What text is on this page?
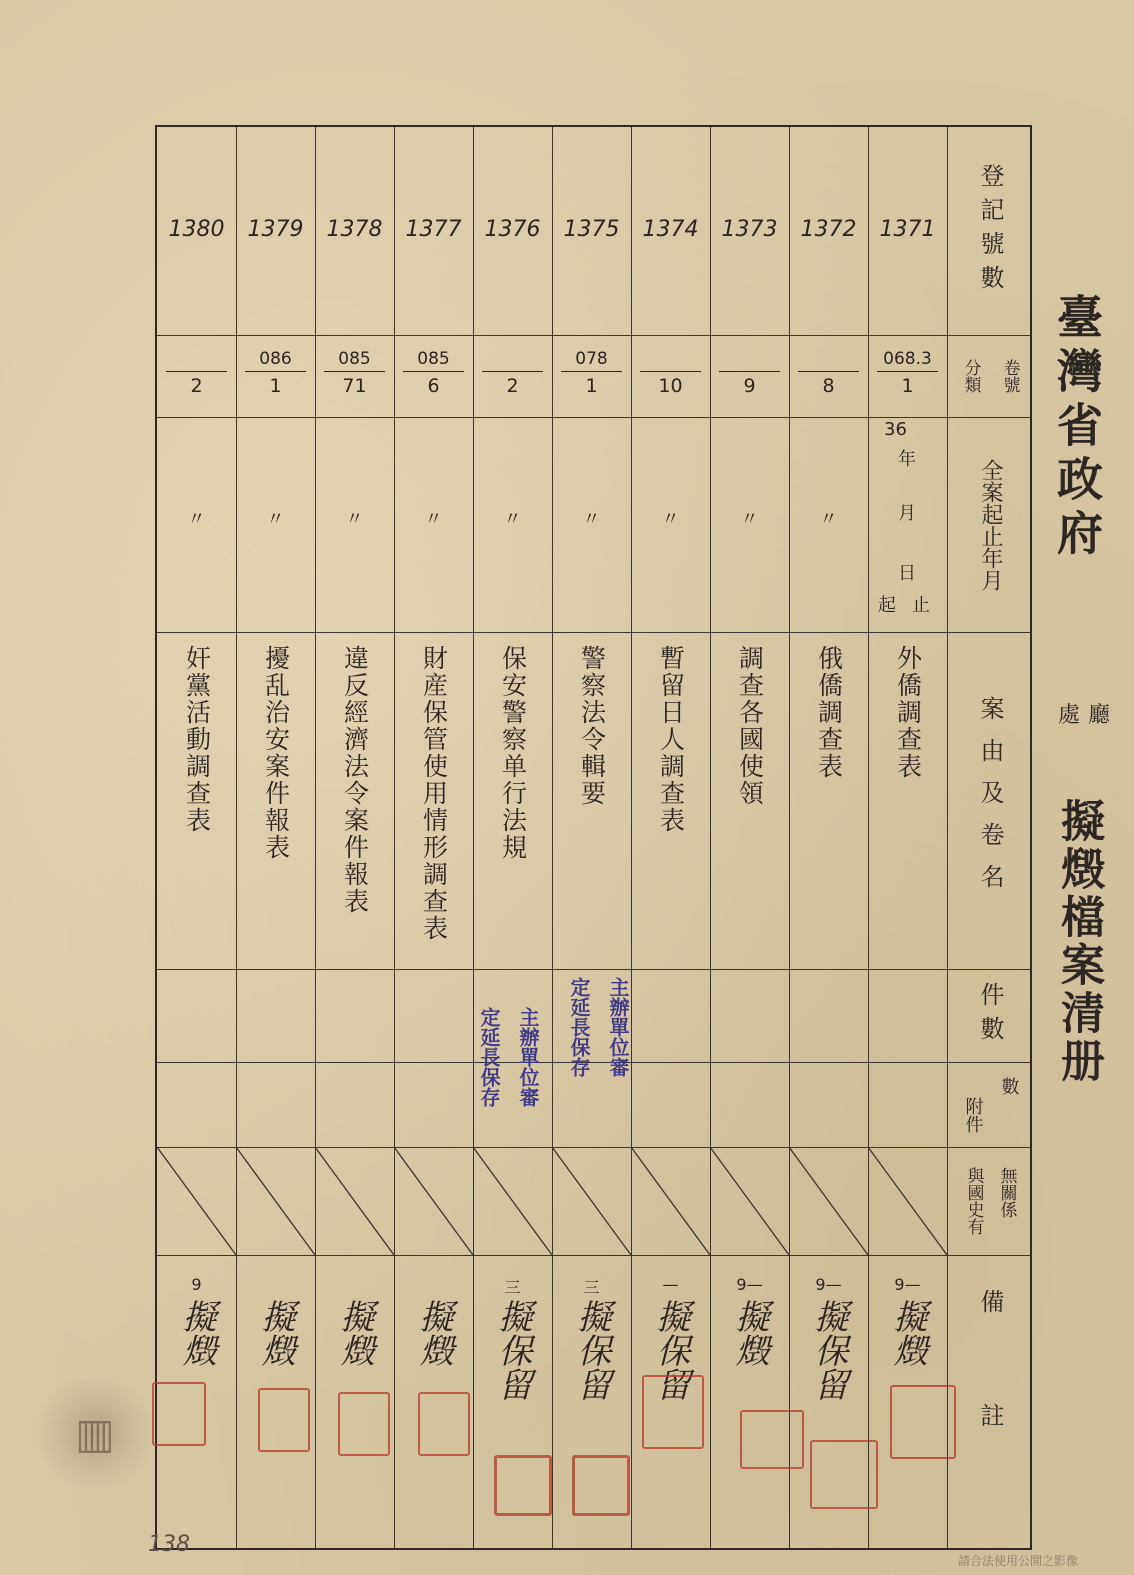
臺灣省政府
廳
處
擬燬檔案清册
登記號數
卷號
分類
全案起止年月
案由及卷名
件數
數
附件
無關係
與國史有
備註
1371
068.3
1
36
年
月
日
起止
外僑調查表
9—
擬燬
1372
8
〃
俄僑調查表
9—
擬保留
1373
9
〃
調查各國使領
9—
擬燬
1374
10
〃
暫留日人調查表
—
擬保留
1375
078
1
〃
警察法令輯要
三
擬保留
1376
2
〃
保安警察单行法規
三
擬保留
1377
085
6
〃
財産保管使用情形調查表
擬燬
1378
085
71
〃
違反經濟法令案件報表
擬燬
1379
086
1
〃
擾乱治安案件報表
擬燬
1380
2
〃
奸黨活動調查表
9
擬燬
主辦單位審
定延長保存
主辦單位審
定延長保存
▥
138
請合法使用公開之影像
